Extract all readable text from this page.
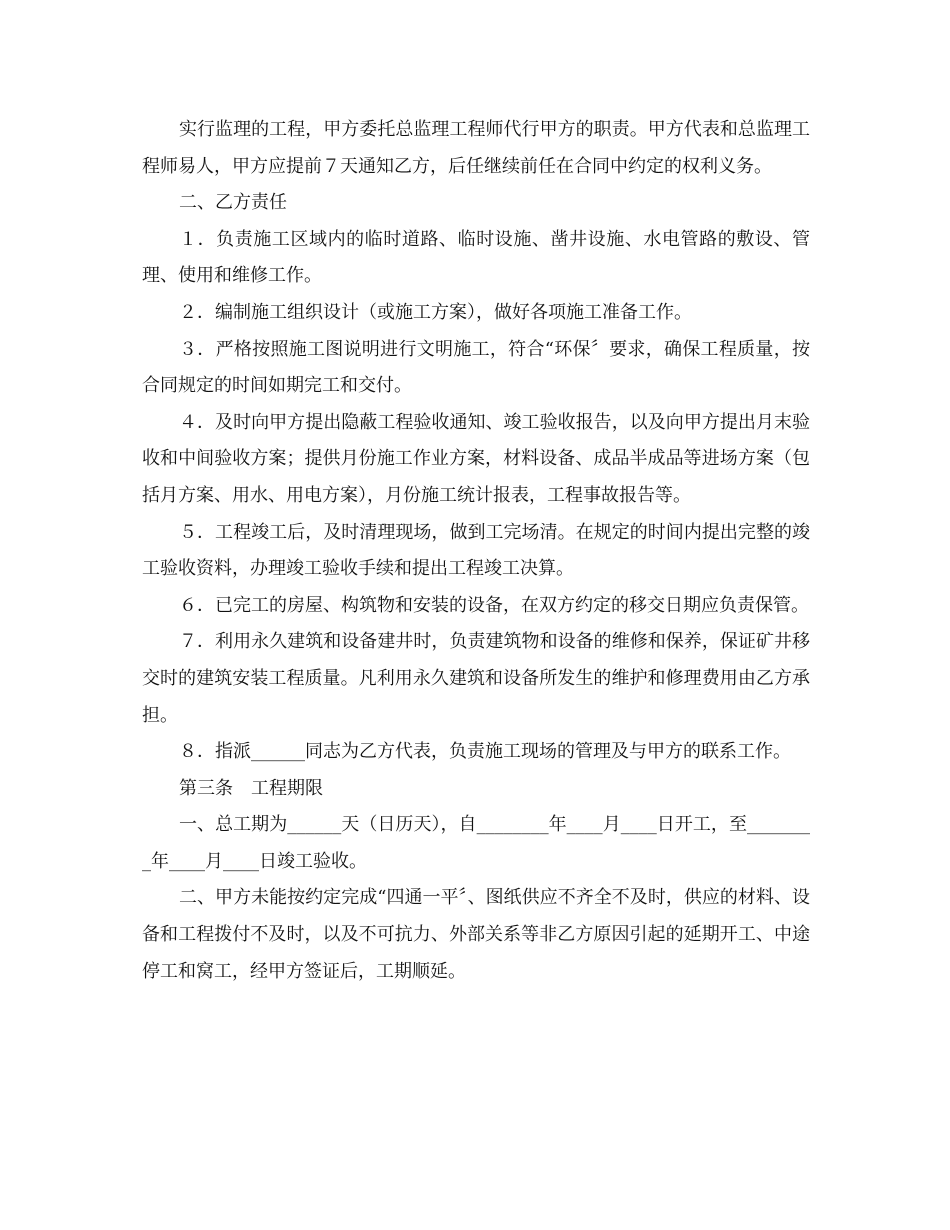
实行监理的工程，甲方委托总监理工程师代行甲方的职责。甲方代表和总监理工程师易人，甲方应提前７天通知乙方，后任继续前任在合同中约定的权利义务。

二、乙方责任

１．负责施工区域内的临时道路、临时设施、凿井设施、水电管路的敷设、管理、使用和维修工作。

２．编制施工组织设计（或施工方案），做好各项施工准备工作。

３．严格按照施工图说明进行文明施工，符合“环保〞要求，确保工程质量，按合同规定的时间如期完工和交付。

４．及时向甲方提出隐蔽工程验收通知、竣工验收报告，以及向甲方提出月末验收和中间验收方案；提供月份施工作业方案，材料设备、成品半成品等进场方案（包括月方案、用水、用电方案），月份施工统计报表，工程事故报告等。

５．工程竣工后，及时清理现场，做到工完场清。在规定的时间内提出完整的竣工验收资料，办理竣工验收手续和提出工程竣工决算。

６．已完工的房屋、构筑物和安装的设备，在双方约定的移交日期应负责保管。

７．利用永久建筑和设备建井时，负责建筑物和设备的维修和保养，保证矿井移交时的建筑安装工程质量。凡利用永久建筑和设备所发生的维护和修理费用由乙方承担。

８．指派______同志为乙方代表，负责施工现场的管理及与甲方的联系工作。

第三条　工程期限

一、总工期为______天（日历天），自________年____月____日开工，至________年____月____日竣工验收。

二、甲方未能按约定完成“四通一平〞、图纸供应不齐全不及时，供应的材料、设备和工程拨付不及时，以及不可抗力、外部关系等非乙方原因引起的延期开工、中途停工和窝工，经甲方签证后，工期顺延。
